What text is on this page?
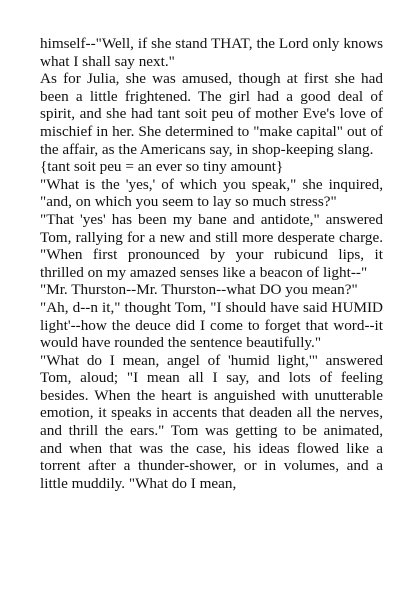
himself--"Well, if she stand THAT, the Lord only knows what I shall say next."

As for Julia, she was amused, though at first she had been a little frightened. The girl had a good deal of spirit, and she had tant soit peu of mother Eve's love of mischief in her. She determined to "make capital" out of the affair, as the Americans say, in shop-keeping slang.

{tant soit peu = an ever so tiny amount}

"What is the 'yes,' of which you speak," she inquired, "and, on which you seem to lay so much stress?"

"That 'yes' has been my bane and antidote," answered Tom, rallying for a new and still more desperate charge. "When first pronounced by your rubicund lips, it thrilled on my amazed senses like a beacon of light--"

"Mr. Thurston--Mr. Thurston--what DO you mean?"

"Ah, d--n it," thought Tom, "I should have said HUMID light'--how the deuce did I come to forget that word--it would have rounded the sentence beautifully."

"What do I mean, angel of 'humid light,'" answered Tom, aloud; "I mean all I say, and lots of feeling besides. When the heart is anguished with unutterable emotion, it speaks in accents that deaden all the nerves, and thrill the ears." Tom was getting to be animated, and when that was the case, his ideas flowed like a torrent after a thunder-shower, or in volumes, and a little muddily. "What do I mean,
